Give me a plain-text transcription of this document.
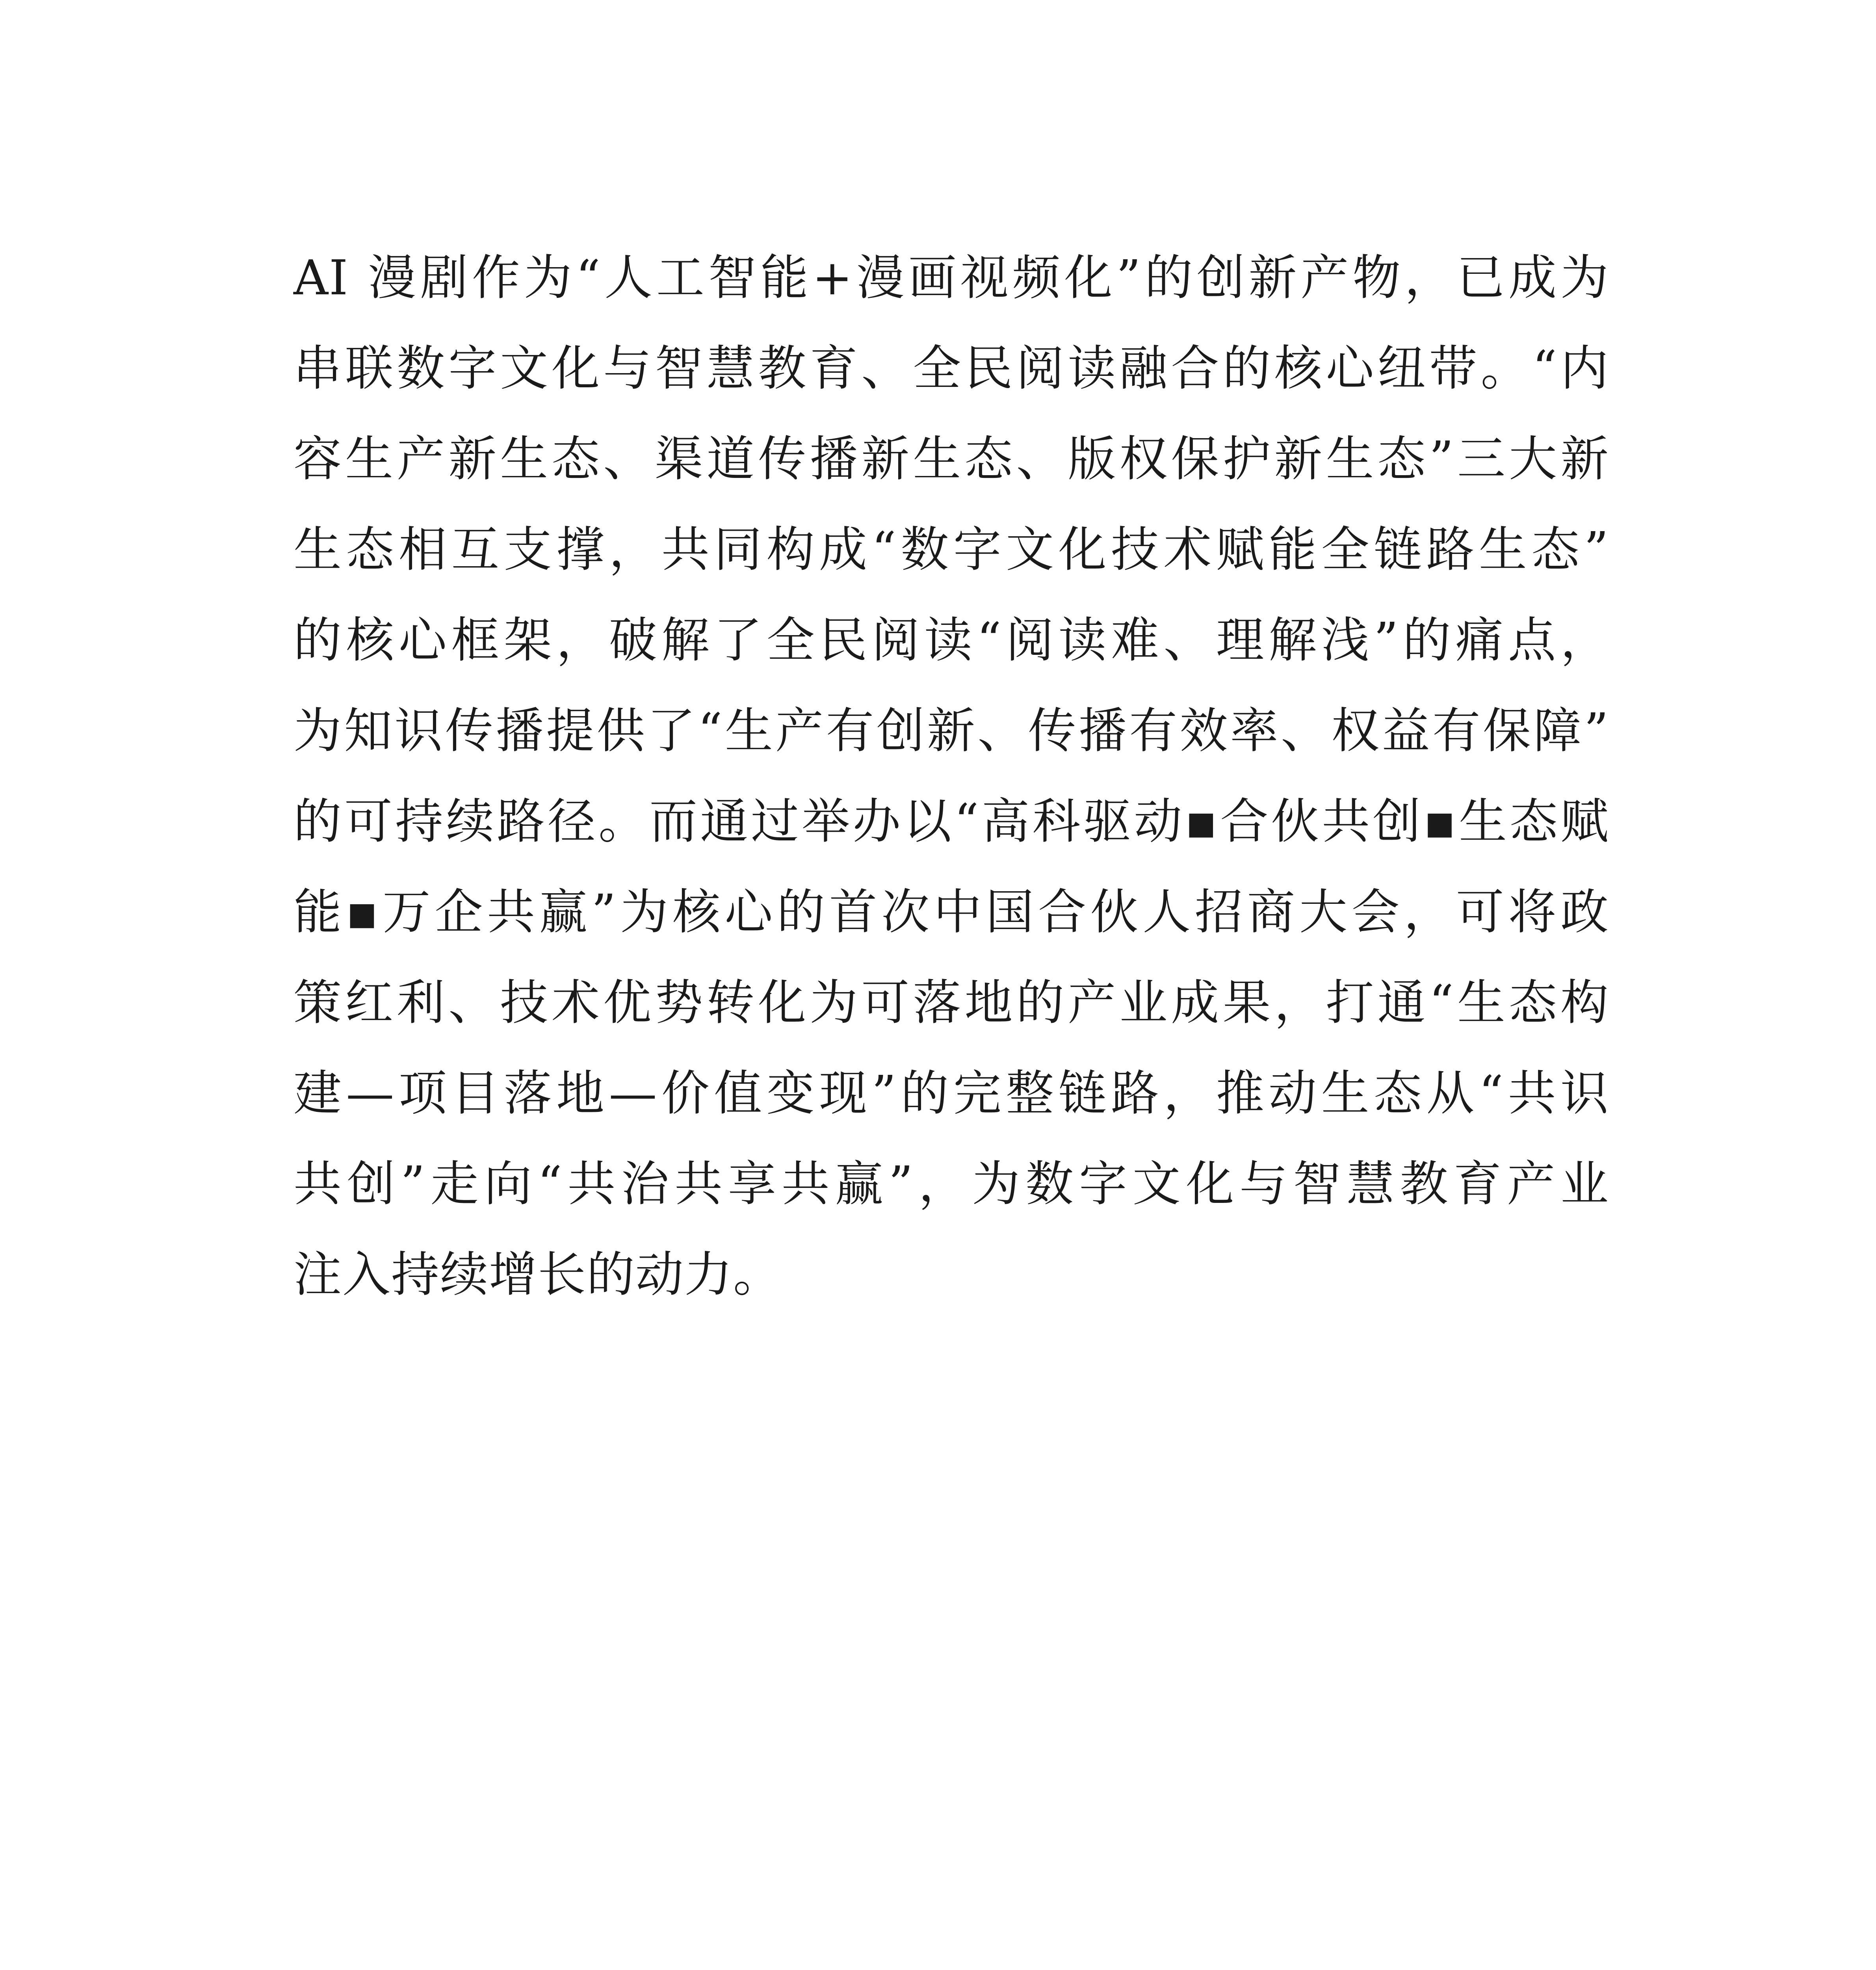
AI 漫剧作为“人工智能+漫画视频化”的创新产物，已成为
串联数字文化与智慧教育、全民阅读融合的核心纽带。“内
容生产新生态、渠道传播新生态、版权保护新生态”三大新
生态相互支撑，共同构成“数字文化技术赋能全链路生态”
的核心框架，破解了全民阅读“阅读难、理解浅”的痛点，
为知识传播提供了“生产有创新、传播有效率、权益有保障”
的可持续路径。而通过举办以“高科驱动▪合伙共创▪生态赋
能▪万企共赢”为核心的首次中国合伙人招商大会，可将政
策红利、技术优势转化为可落地的产业成果，打通“生态构
建—项目落地—价值变现”的完整链路，推动生态从“共识
共创”走向“共治共享共赢”，为数字文化与智慧教育产业
注入持续增长的动力。
